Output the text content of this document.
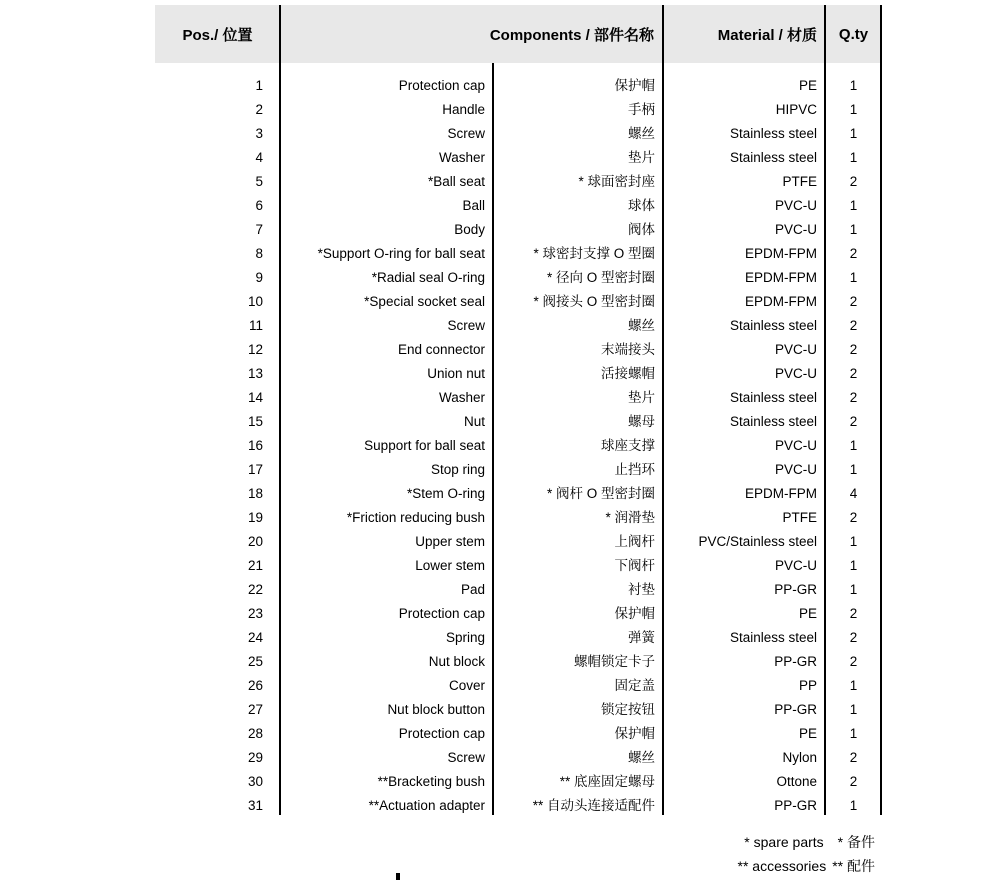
Pos./ 位置	Components / 部件名称	Material / 材质	Q.ty
1	Protection cap	保护帽	PE	1
2	Handle	手柄	HIPVC	1
3	Screw	螺丝	Stainless steel	1
4	Washer	垫片	Stainless steel	1
5	*Ball seat	* 球面密封座	PTFE	2
6	Ball	球体	PVC-U	1
7	Body	阀体	PVC-U	1
8	*Support O-ring for ball seat	* 球密封支撑 O 型圈	EPDM-FPM	2
9	*Radial seal O-ring	* 径向 O 型密封圈	EPDM-FPM	1
10	*Special socket seal	* 阀接头 O 型密封圈	EPDM-FPM	2
11	Screw	螺丝	Stainless steel	2
12	End connector	末端接头	PVC-U	2
13	Union nut	活接螺帽	PVC-U	2
14	Washer	垫片	Stainless steel	2
15	Nut	螺母	Stainless steel	2
16	Support for ball seat	球座支撑	PVC-U	1
17	Stop ring	止挡环	PVC-U	1
18	*Stem O-ring	* 阀杆 O 型密封圈	EPDM-FPM	4
19	*Friction reducing bush	* 润滑垫	PTFE	2
20	Upper stem	上阀杆	PVC/Stainless steel	1
21	Lower stem	下阀杆	PVC-U	1
22	Pad	衬垫	PP-GR	1
23	Protection cap	保护帽	PE	2
24	Spring	弹簧	Stainless steel	2
25	Nut block	螺帽锁定卡子	PP-GR	2
26	Cover	固定盖	PP	1
27	Nut block button	锁定按钮	PP-GR	1
28	Protection cap	保护帽	PE	1
29	Screw	螺丝	Nylon	2
30	**Bracketing bush	** 底座固定螺母	Ottone	2
31	**Actuation adapter	** 自动头连接适配件	PP-GR	1
* spare parts * 备件
** accessories ** 配件
